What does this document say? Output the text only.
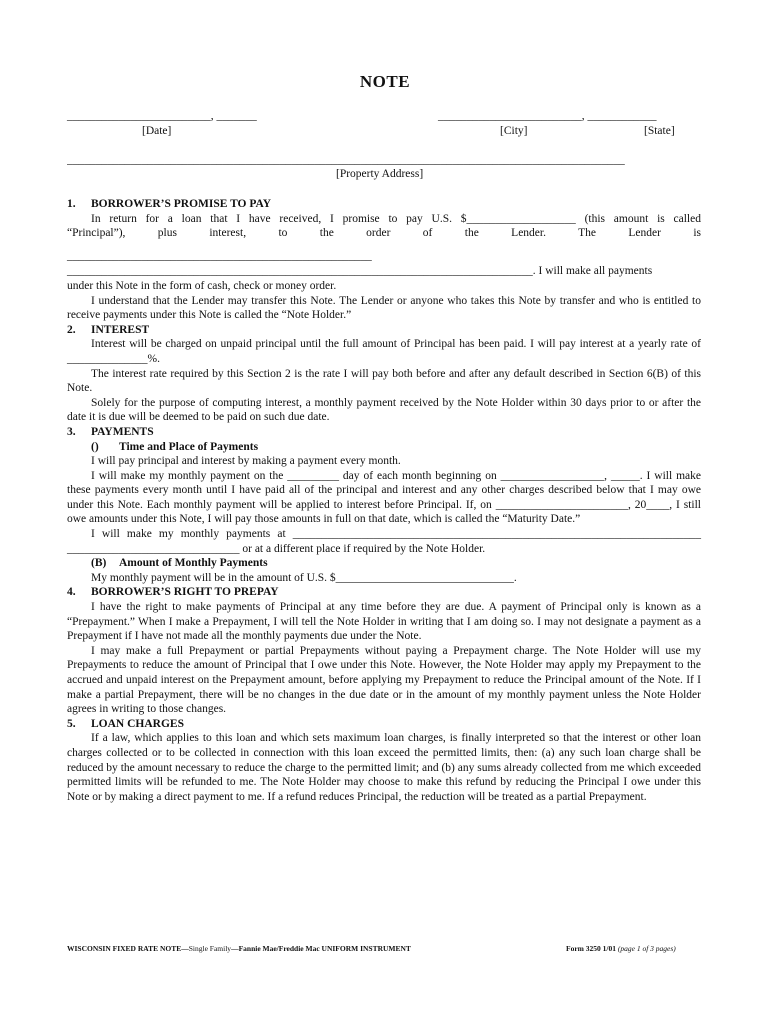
NOTE
_________________________, _______	_________________________, ____________
[Date]	[City]	[State]
_________________________________________________________________________________________________
[Property Address]

1. BORROWER’S PROMISE TO PAY

In return for a loan that I have received, I promise to pay U.S. $___________________ (this amount is called

“Principal”), plus interest, to the order of the Lender. The Lender is

_____________________________________________________

_________________________________________________________________________________. I will make all payments

under this Note in the form of cash, check or money order.

I understand that the Lender may transfer this Note. The Lender or anyone who takes this Note by transfer and who is entitled to receive payments under this Note is called the “Note Holder.”

2. INTEREST

Interest will be charged on unpaid principal until the full amount of Principal has been paid. I will pay interest at a yearly rate of ______________%.

The interest rate required by this Section 2 is the rate I will pay both before and after any default described in Section 6(B) of this Note.

Solely for the purpose of computing interest, a monthly payment received by the Note Holder within 30 days prior to or after the date it is due will be deemed to be paid on such due date.

3. PAYMENTS

() Time and Place of Payments

I will pay principal and interest by making a payment every month.

I will make my monthly payment on the _________ day of each month beginning on __________________, _____. I will make these payments every month until I have paid all of the principal and interest and any other charges described below that I may owe under this Note. Each monthly payment will be applied to interest before Principal. If, on _______________________, 20____, I still owe amounts under this Note, I will pay those amounts in full on that date, which is called the “Maturity Date.”

I will make my monthly payments at _______________________________________________________________________

______________________________ or at a different place if required by the Note Holder.

(B) Amount of Monthly Payments

My monthly payment will be in the amount of U.S. $_______________________________.

4. BORROWER’S RIGHT TO PREPAY

I have the right to make payments of Principal at any time before they are due. A payment of Principal only is known as a “Prepayment.” When I make a Prepayment, I will tell the Note Holder in writing that I am doing so. I may not designate a payment as a Prepayment if I have not made all the monthly payments due under the Note.

I may make a full Prepayment or partial Prepayments without paying a Prepayment charge. The Note Holder will use my Prepayments to reduce the amount of Principal that I owe under this Note. However, the Note Holder may apply my Prepayment to the accrued and unpaid interest on the Prepayment amount, before applying my Prepayment to reduce the Principal amount of the Note. If I make a partial Prepayment, there will be no changes in the due date or in the amount of my monthly payment unless the Note Holder agrees in writing to those changes.

5. LOAN CHARGES

If a law, which applies to this loan and which sets maximum loan charges, is finally interpreted so that the interest or other loan charges collected or to be collected in connection with this loan exceed the permitted limits, then: (a) any such loan charge shall be reduced by the amount necessary to reduce the charge to the permitted limit; and (b) any sums already collected from me which exceeded permitted limits will be refunded to me. The Note Holder may choose to make this refund by reducing the Principal I owe under this Note or by making a direct payment to me. If a refund reduces Principal, the reduction will be treated as a partial Prepayment.

WISCONSIN FIXED RATE NOTE—Single Family—Fannie Mae/Freddie Mac UNIFORM INSTRUMENT	Form 3250 1/01 (page 1 of 3 pages)
